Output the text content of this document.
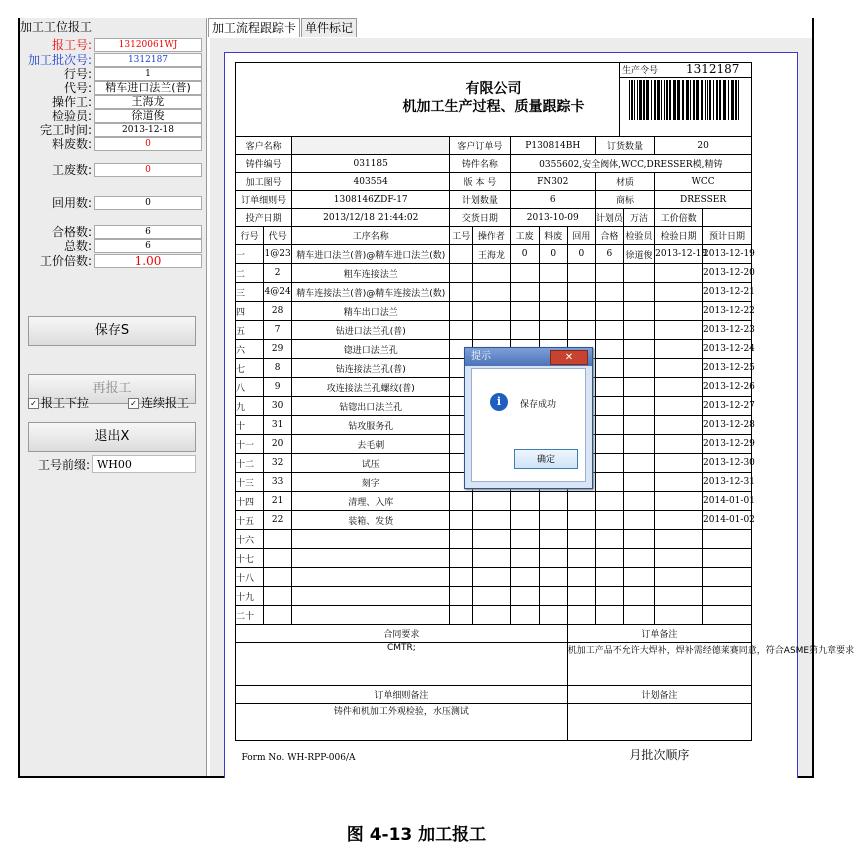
加工工位报工
报工号:	13120061WJ
加工批次号:	1312187
行号:	1
代号:	精车进口法兰(普)
操作工:	王海龙
检验员:	徐道俊
完工时间:	2013-12-18
料废数:	0
工废数:	0
回用数:	0
合格数:	6
总数:	6
工价倍数:	1.00
保存S
再报工
✓ 报工下拉	✓ 连续报工
退出X
工号前缀: WH00
加工流程跟踪卡 单件标记
生产令号 1312187
有限公司
机加工生产过程、质量跟踪卡
客户名称			客户订单号		P130814BH			订货数量		20	
铸件编号		031185	铸件名称		0355602,安全阀体,WCC,DRESSER模,精铸						
加工图号		403554	版 本 号		FN302			材质		WCC	
订单细则号		1308146ZDF-17	计划数量		6			商标		DRESSER	
投产日期		2013/12/18 21:44:02	交货日期		2013-10-09			计划员	万洁	工价倍数	
行号	代号	工序名称	工号	操作者	工废	料废	回用	合格	检验员	检验日期	预计日期
一	1@23	精车进口法兰(普)@精车进口法兰(数)		王海龙	0	0	0	6	徐道俊	2013-12-18	2013-12-19
二	2	粗车连接法兰									2013-12-20
三	4@24	精车连接法兰(普)@精车连接法兰(数)									2013-12-21
四	28	精车出口法兰									2013-12-22
五	7	钻进口法兰孔(普)									2013-12-23
六	29	锪进口法兰孔									2013-12-24
七	8	钻连接法兰孔(普)									2013-12-25
八	9	攻连接法兰孔螺纹(普)									2013-12-26
九	30	钻锪出口法兰孔									2013-12-27
十	31	钻攻服务孔									2013-12-28
十一	20	去毛刺									2013-12-29
十二	32	试压									2013-12-30
十三	33	刻字									2013-12-31
十四	21	清理、入库									2014-01-01
十五	22	装箱、发货									2014-01-02
十六											
十七											
十八											
十九											
二十											
合同要求							订单备注				
CMTR;							机加工产品不允许大焊补，焊补需经德莱赛同意，符合ASME第九章要求				
订单细则备注							计划备注				
铸件和机加工外观检验，水压测试											
Form No. WH-RPP-006/A							月批次顺序				
提示	✕
i	保存成功
确定
图 4-13 加工报工
